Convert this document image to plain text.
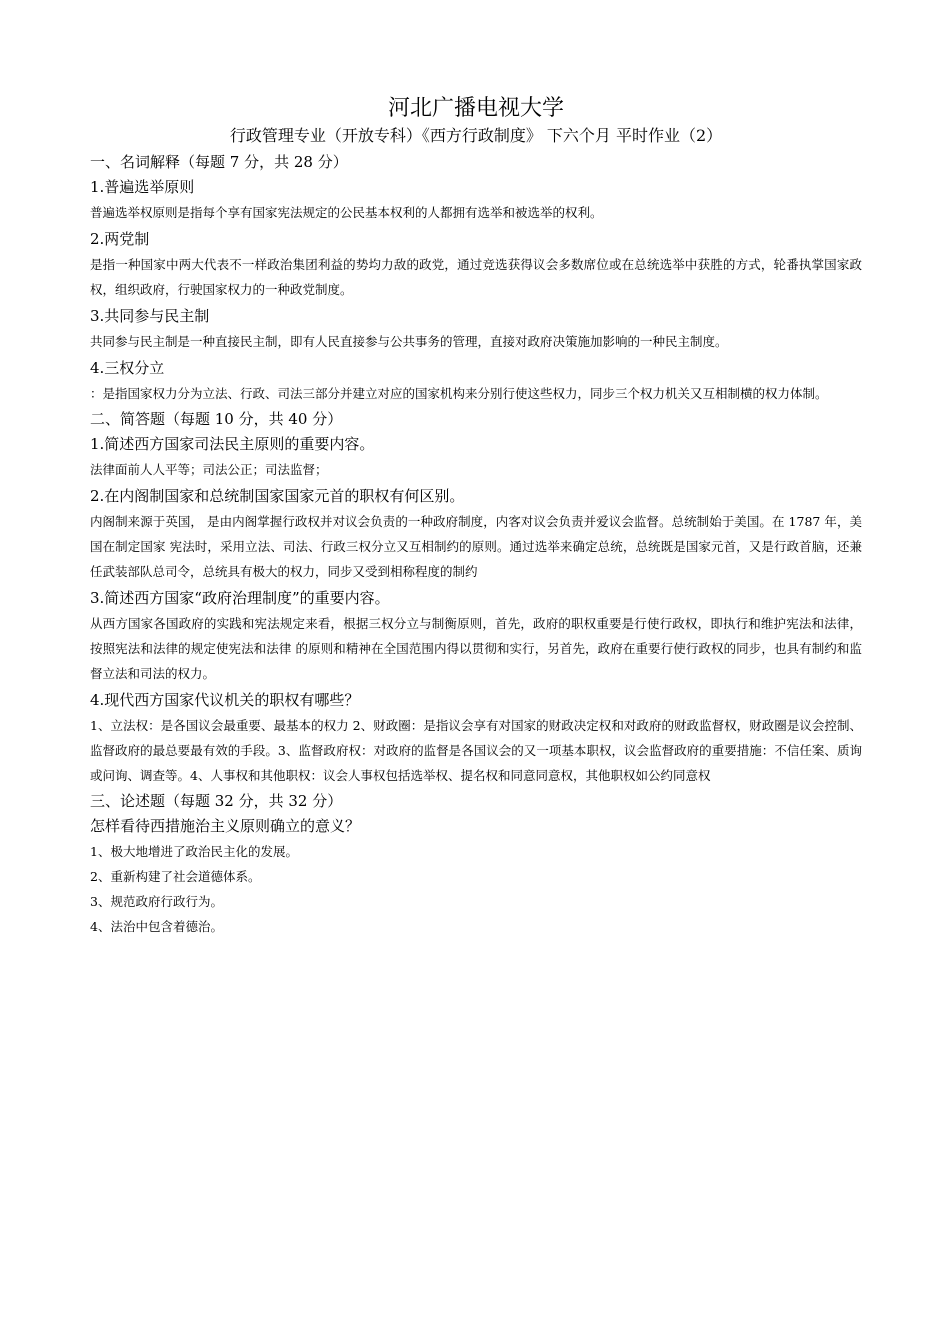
河北广播电视大学
行政管理专业（开放专科）《西方行政制度》 下六个月 平时作业（2）

一、名词解释（每题 7 分，共 28 分）

1.普遍选举原则

普遍选举权原则是指每个享有国家宪法规定的公民基本权利的人都拥有选举和被选举的权利。

2.两党制

是指一种国家中两大代表不一样政治集团利益的势均力敌的政党，通过竞选获得议会多数席位或在总统选举中获胜的方式，轮番执掌国家政权，组织政府，行驶国家权力的一种政党制度。

3.共同参与民主制

共同参与民主制是一种直接民主制，即有人民直接参与公共事务的管理，直接对政府决策施加影响的一种民主制度。

4.三权分立

：是指国家权力分为立法、行政、司法三部分并建立对应的国家机构来分别行使这些权力，同步三个权力机关又互相制横的权力体制。

二、简答题（每题 10 分，共 40 分）

1.简述西方国家司法民主原则的重要内容。

法律面前人人平等；司法公正；司法监督；

2.在内阁制国家和总统制国家国家元首的职权有何区别。

内阁制来源于英国， 是由内阁掌握行政权并对议会负责的一种政府制度，内客对议会负责并爱议会监督。总统制始于美国。在 1787 年，美国在制定国家 宪法时，采用立法、司法、行政三权分立又互相制约的原则。通过选举来确定总统，总统既是国家元首，又是行政首脑，还兼任武装部队总司令，总统具有极大的权力，同步又受到相称程度的制约

3.简述西方国家“政府治理制度”的重要内容。

从西方国家各国政府的实践和宪法规定来看，根据三权分立与制衡原则，首先，政府的职权重要是行使行政权，即执行和维护宪法和法律，按照宪法和法律的规定使宪法和法律 的原则和精神在全国范围内得以贯彻和实行，另首先，政府在重要行使行政权的同步，也具有制约和监督立法和司法的权力。

4.现代西方国家代议机关的职权有哪些？

1、立法权：是各国议会最重要、最基本的权力 2、财政圈：是指议会享有对国家的财政决定权和对政府的财政监督权，财政圈是议会控制、监督政府的最总要最有效的手段。3、监督政府权：对政府的监督是各国议会的又一项基本职权，议会监督政府的重要措施：不信任案、质询或问询、调查等。4、人事权和其他职权：议会人事权包括选举权、提名权和同意同意权，其他职权如公约同意权

三、论述题（每题 32 分，共 32 分）

怎样看待西措施治主义原则确立的意义？

1、极大地增进了政治民主化的发展。

2、重新构建了社会道德体系。

3、规范政府行政行为。

4、法治中包含着德治。
